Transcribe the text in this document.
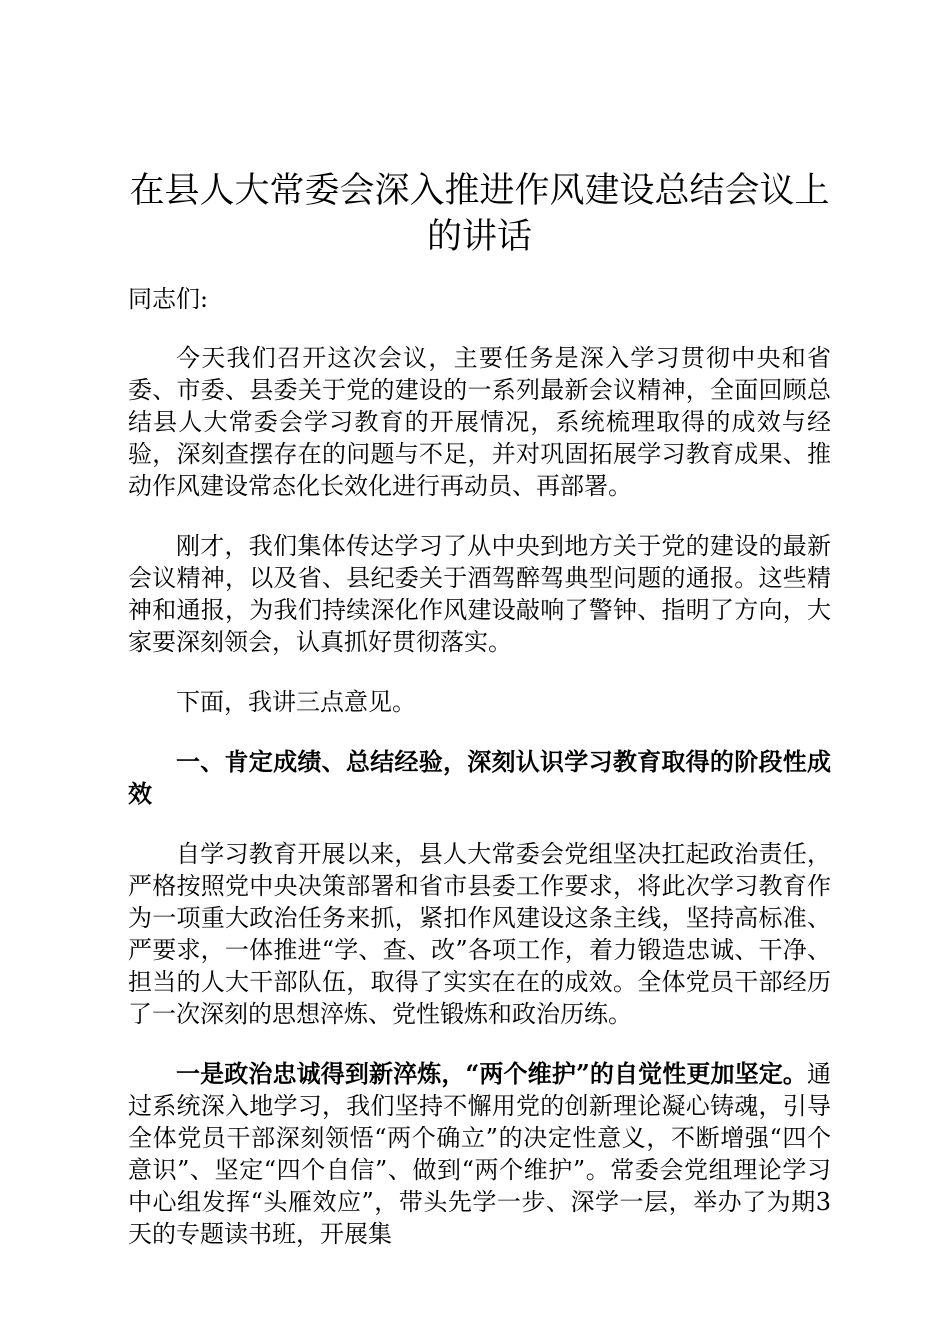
在县人大常委会深入推进作风建设总结会议上的讲话

同志们:

今天我们召开这次会议，主要任务是深入学习贯彻中央和省委、市委、县委关于党的建设的一系列最新会议精神，全面回顾总结县人大常委会学习教育的开展情况，系统梳理取得的成效与经验，深刻查摆存在的问题与不足，并对巩固拓展学习教育成果、推动作风建设常态化长效化进行再动员、再部署。

刚才，我们集体传达学习了从中央到地方关于党的建设的最新会议精神，以及省、县纪委关于酒驾醉驾典型问题的通报。这些精神和通报，为我们持续深化作风建设敲响了警钟、指明了方向，大家要深刻领会，认真抓好贯彻落实。

下面，我讲三点意见。

一、肯定成绩、总结经验，深刻认识学习教育取得的阶段性成效

自学习教育开展以来，县人大常委会党组坚决扛起政治责任，严格按照党中央决策部署和省市县委工作要求，将此次学习教育作为一项重大政治任务来抓，紧扣作风建设这条主线，坚持高标准、严要求，一体推进“学、查、改”各项工作，着力锻造忠诚、干净、担当的人大干部队伍，取得了实实在在的成效。全体党员干部经历了一次深刻的思想淬炼、党性锻炼和政治历练。

一是政治忠诚得到新淬炼，“两个维护”的自觉性更加坚定。通过系统深入地学习，我们坚持不懈用党的创新理论凝心铸魂，引导全体党员干部深刻领悟“两个确立”的决定性意义，不断增强“四个意识”、坚定“四个自信”、做到“两个维护”。常委会党组理论学习中心组发挥“头雁效应”，带头先学一步、深学一层，举办了为期3天的专题读书班，开展集
